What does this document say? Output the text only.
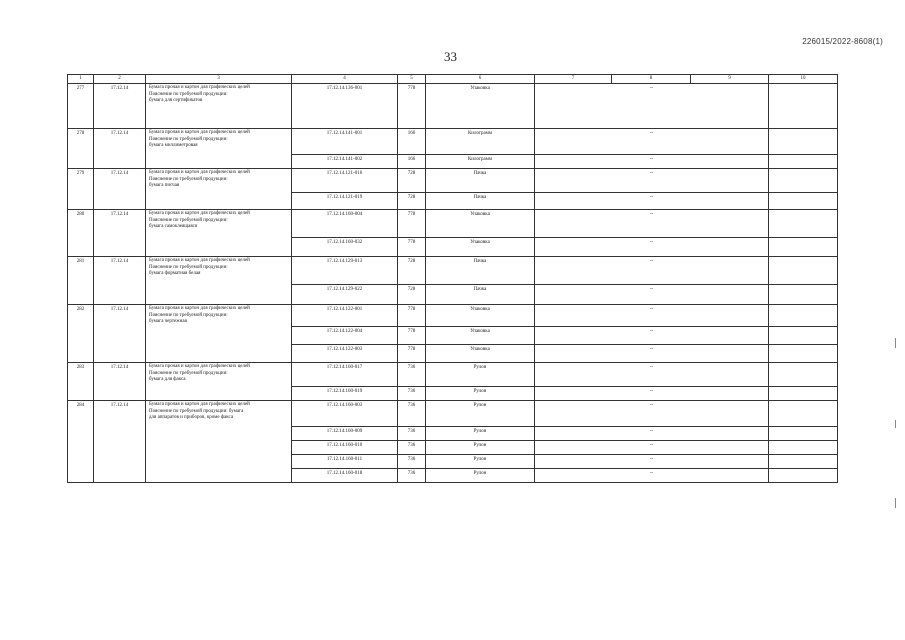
226015/2022-8608(1)
33
1	2	3	4	5	6	7	8	9	10
277	17.12.14	Бумага прочая и картон для графических целей
Пояснение по требуемой продукции:
бумага для сертификатов	17.12.14.136-001	778	Упаковка	--			
278	17.12.14	Бумага прочая и картон для графических целей
Пояснение по требуемой продукции:
бумага миллиметровая	17.12.14.141-001	166	Килограмм	--			
			17.12.14.141-002	166	Килограмм	--			
279	17.12.14	Бумага прочая и картон для графических целей
Пояснение по требуемой продукции:
бумага писчая	17.12.14.121-016	728	Пачка	--			
			17.12.14.121-019	728	Пачка	--			
280	17.12.14	Бумага прочая и картон для графических целей
Пояснение по требуемой продукции:
бумага самоклеящаяся	17.12.14.160-004	778	Упаковка	--			
			17.12.14.160-032	778	Упаковка	--			
281	17.12.14	Бумага прочая и картон для графических целей
Пояснение по требуемой продукции:
бумага форматная белая	17.12.14.129-013	728	Пачка	--			
			17.12.14.129-022	728	Пачка	--			
282	17.12.14	Бумага прочая и картон для графических целей
Пояснение по требуемой продукции:
бумага чертежная	17.12.14.122-001	778	Упаковка	--			
			17.12.14.122-004	778	Упаковка	--			
			17.12.14.122-003	778	Упаковка	--			
283	17.12.14	Бумага прочая и картон для графических целей
Пояснение по требуемой продукции:
бумага для факса	17.12.14.160-017	736	Рулон	--			
			17.12.14.160-019	736	Рулон	--			
284	17.12.14	Бумага прочая и картон для графических целей
Пояснение по требуемой продукции: бумага
для аппаратов и приборов, кроме факса	17.12.14.160-003	736	Рулон	--			
			17.12.14.160-009	736	Рулон	--			
			17.12.14.160-010	736	Рулон	--			
			17.12.14.160-011	736	Рулон	--			
			17.12.14.160-018	736	Рулон	--			
